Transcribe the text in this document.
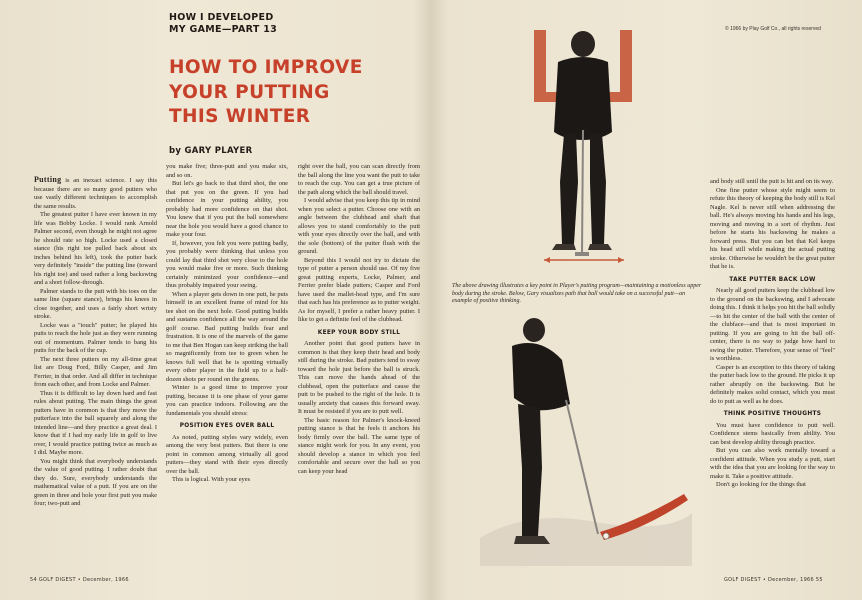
HOW I DEVELOPED
MY GAME—PART 13
HOW TO IMPROVE
YOUR PUTTING
THIS WINTER
by GARY PLAYER

Putting is an inexact science. I say this because there are so many good putters who use vastly different techniques to accomplish the same results.

The greatest putter I have ever known in my life was Bobby Locke. I would rank Arnold Palmer second, even though he might not agree he should rate so high. Locke used a closed stance (his right toe pulled back about six inches behind his left), took the putter back very definitely "inside" the putting line (toward his right toe) and used rather a long backswing and a short follow-through.

Palmer stands to the putt with his toes on the same line (square stance), brings his knees in close together, and uses a fairly short wristy stroke.

Locke was a "touch" putter; he played his putts to reach the hole just as they were running out of momentum. Palmer tends to bang his putts for the back of the cup.

The next three putters on my all-time great list are Doug Ford, Billy Casper, and Jim Ferrier, in that order. And all differ in technique from each other, and from Locke and Palmer.

Thus it is difficult to lay down hard and fast rules about putting. The main things the great putters have in common is that they move the putterface into the ball squarely and along the intended line—and they practice a great deal. I know that if I had my early life in golf to live over, I would practice putting twice as much as I did. Maybe more.

You might think that everybody understands the value of good putting. I rather doubt that they do. Sure, everybody understands the mathematical value of a putt. If you are on the green in three and hole your first putt you make four; two-putt and

you make five; three-putt and you make six, and so on.

But let's go back to that third shot, the one that put you on the green. If you had confidence in your putting ability, you probably had more confidence on that shot. You knew that if you put the ball somewhere near the hole you would have a good chance to make your four.

If, however, you felt you were putting badly, you probably were thinking that unless you could lay that third shot very close to the hole you would make five or more. Such thinking certainly minimized your confidence—and thus probably impaired your swing.

When a player gets down in one putt, he puts himself in an excellent frame of mind for his tee shot on the next hole. Good putting builds and sustains confidence all the way around the golf course. Bad putting builds fear and frustration. It is one of the marvels of the game to me that Ben Hogan can keep striking the ball so magnificently from tee to green when he knows full well that he is spotting virtually every other player in the field up to a half-dozen shots per round on the greens.

Winter is a good time to improve your putting, because it is one phase of your game you can practice indoors. Following are the fundamentals you should stress:

POSITION EYES OVER BALL

As noted, putting styles vary widely, even among the very best putters. But there is one point in common among virtually all good putters—they stand with their eyes directly over the ball.

This is logical. With your eyes

right over the ball, you can scan directly from the ball along the line you want the putt to take to reach the cup. You can get a true picture of the path along which the ball should travel.

I would advise that you keep this tip in mind when you select a putter. Choose one with an angle between the clubhead and shaft that allows you to stand comfortably to the putt with your eyes directly over the ball, and with the sole (bottom) of the putter flush with the ground.

Beyond this I would not try to dictate the type of putter a person should use. Of my five great putting experts, Locke, Palmer, and Ferrier prefer blade putters; Casper and Ford have used the mallet-head type, and I'm sure that each has his preference as to putter weight. As for myself, I prefer a rather heavy putter. I like to get a definite feel of the clubhead.

KEEP YOUR BODY STILL

Another point that good putters have in common is that they keep their head and body still during the stroke. Bad putters tend to sway toward the hole just before the ball is struck. This can move the hands ahead of the clubhead, open the putterface and cause the putt to be pushed to the right of the hole. It is usually anxiety that causes this forward sway. It must be resisted if you are to putt well.

The basic reason for Palmer's knock-kneed putting stance is that he feels it anchors his body firmly over the ball. The same type of stance might work for you. In any event, you should develop a stance in which you feel comfortable and secure over the ball so you can keep your head

54 GOLF DIGEST • December, 1966
© 1966 by Play Golf Co., all rights reserved
The above drawing illustrates a key point in Player's putting program—maintaining a motionless upper body during the stroke. Below, Gary visualizes path that ball would take on a successful putt—an example of positive thinking.

and body still until the putt is hit and on its way.

One fine putter whose style might seem to refute this theory of keeping the body still is Kel Nagle. Kel is never still when addressing the ball. He's always moving his hands and his legs, moving and moving in a sort of rhythm. Just before he starts his backswing he makes a forward press. But you can bet that Kel keeps his head still while making the actual putting stroke. Otherwise he wouldn't be the great putter that he is.

TAKE PUTTER BACK LOW

Nearly all good putters keep the clubhead low to the ground on the backswing, and I advocate doing this. I think it helps you hit the ball solidly—to hit the center of the ball with the center of the clubface—and that is most important in putting. If you are going to hit the ball off-center, there is no way to judge how hard to swing the putter. Therefore, your sense of "feel" is worthless.

Casper is an exception to this theory of taking the putter back low to the ground. He picks it up rather abruptly on the backswing. But he definitely makes solid contact, which you must do to putt as well as he does.

THINK POSITIVE THOUGHTS

You must have confidence to putt well. Confidence stems basically from ability. You can best develop ability through practice.

But you can also work mentally toward a confident attitude. When you study a putt, start with the idea that you are looking for the way to make it. Take a positive attitude.

Don't go looking for the things that

GOLF DIGEST • December, 1966 55
